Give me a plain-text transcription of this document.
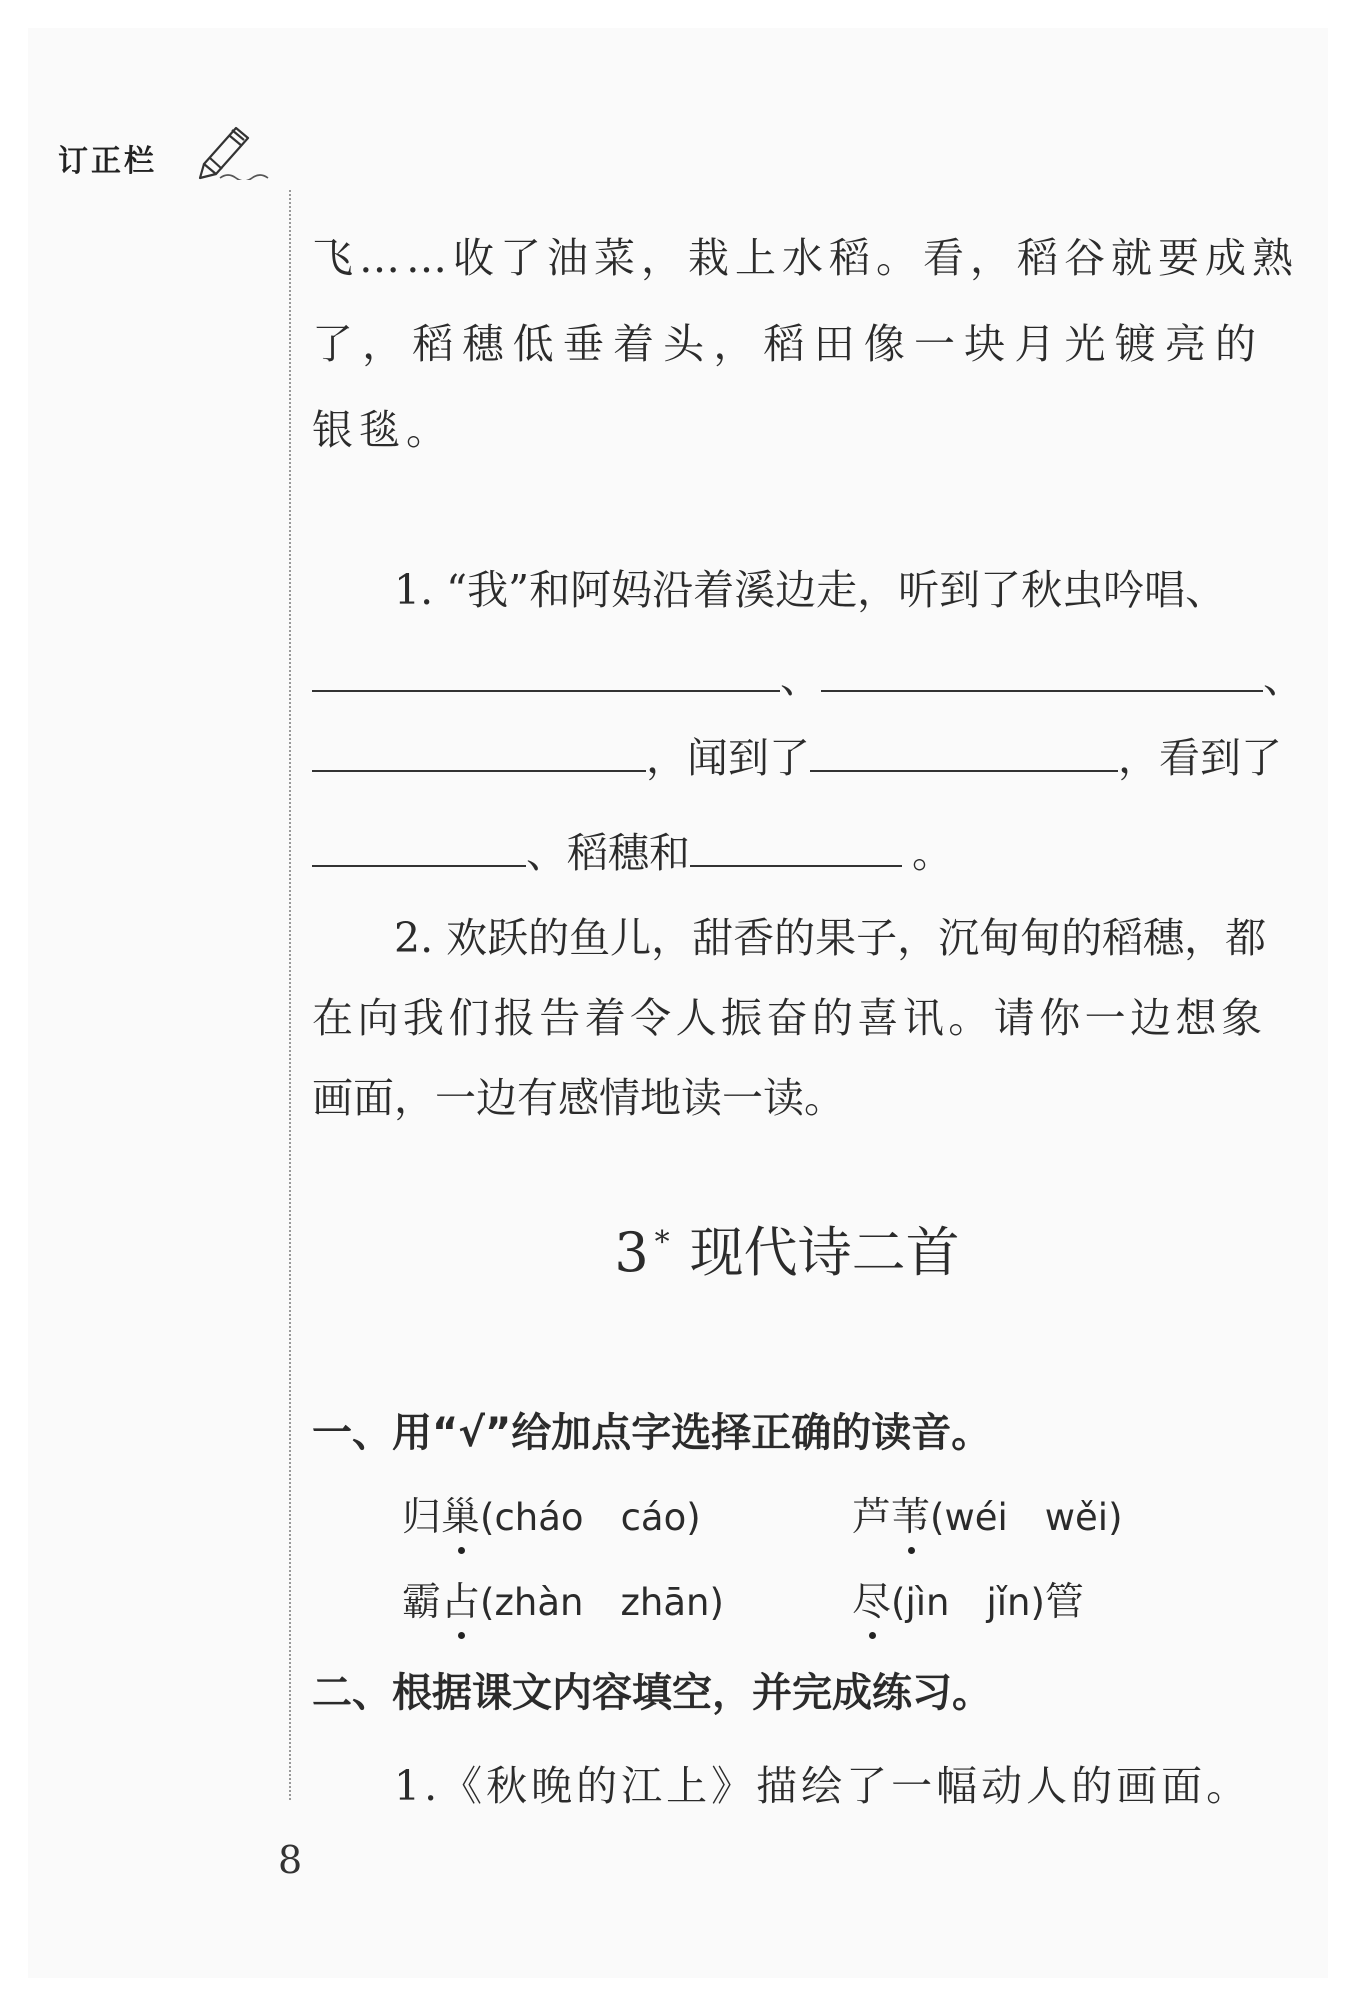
订正栏
飞……收了油菜，栽上水稻。看，稻谷就要成熟
了，稻穗低垂着头，稻田像一块月光镀亮的
银毯。
1. “我”和阿妈沿着溪边走，听到了秋虫吟唱、
、	、
，闻到了	，看到了
、稻穗和	。
2. 欢跃的鱼儿，甜香的果子，沉甸甸的稻穗，都
在向我们报告着令人振奋的喜讯。请你一边想象
画面，一边有感情地读一读。
3 * 现代诗二首
一、用“√”给加点字选择正确的读音。
归巢(cháo　cáo)	芦苇(wéi　wěi)
霸占(zhàn　zhān)	尽(jìn　jǐn)管
二、根据课文内容填空，并完成练习。
1.《秋晚的江上》描绘了一幅动人的画面。
8
